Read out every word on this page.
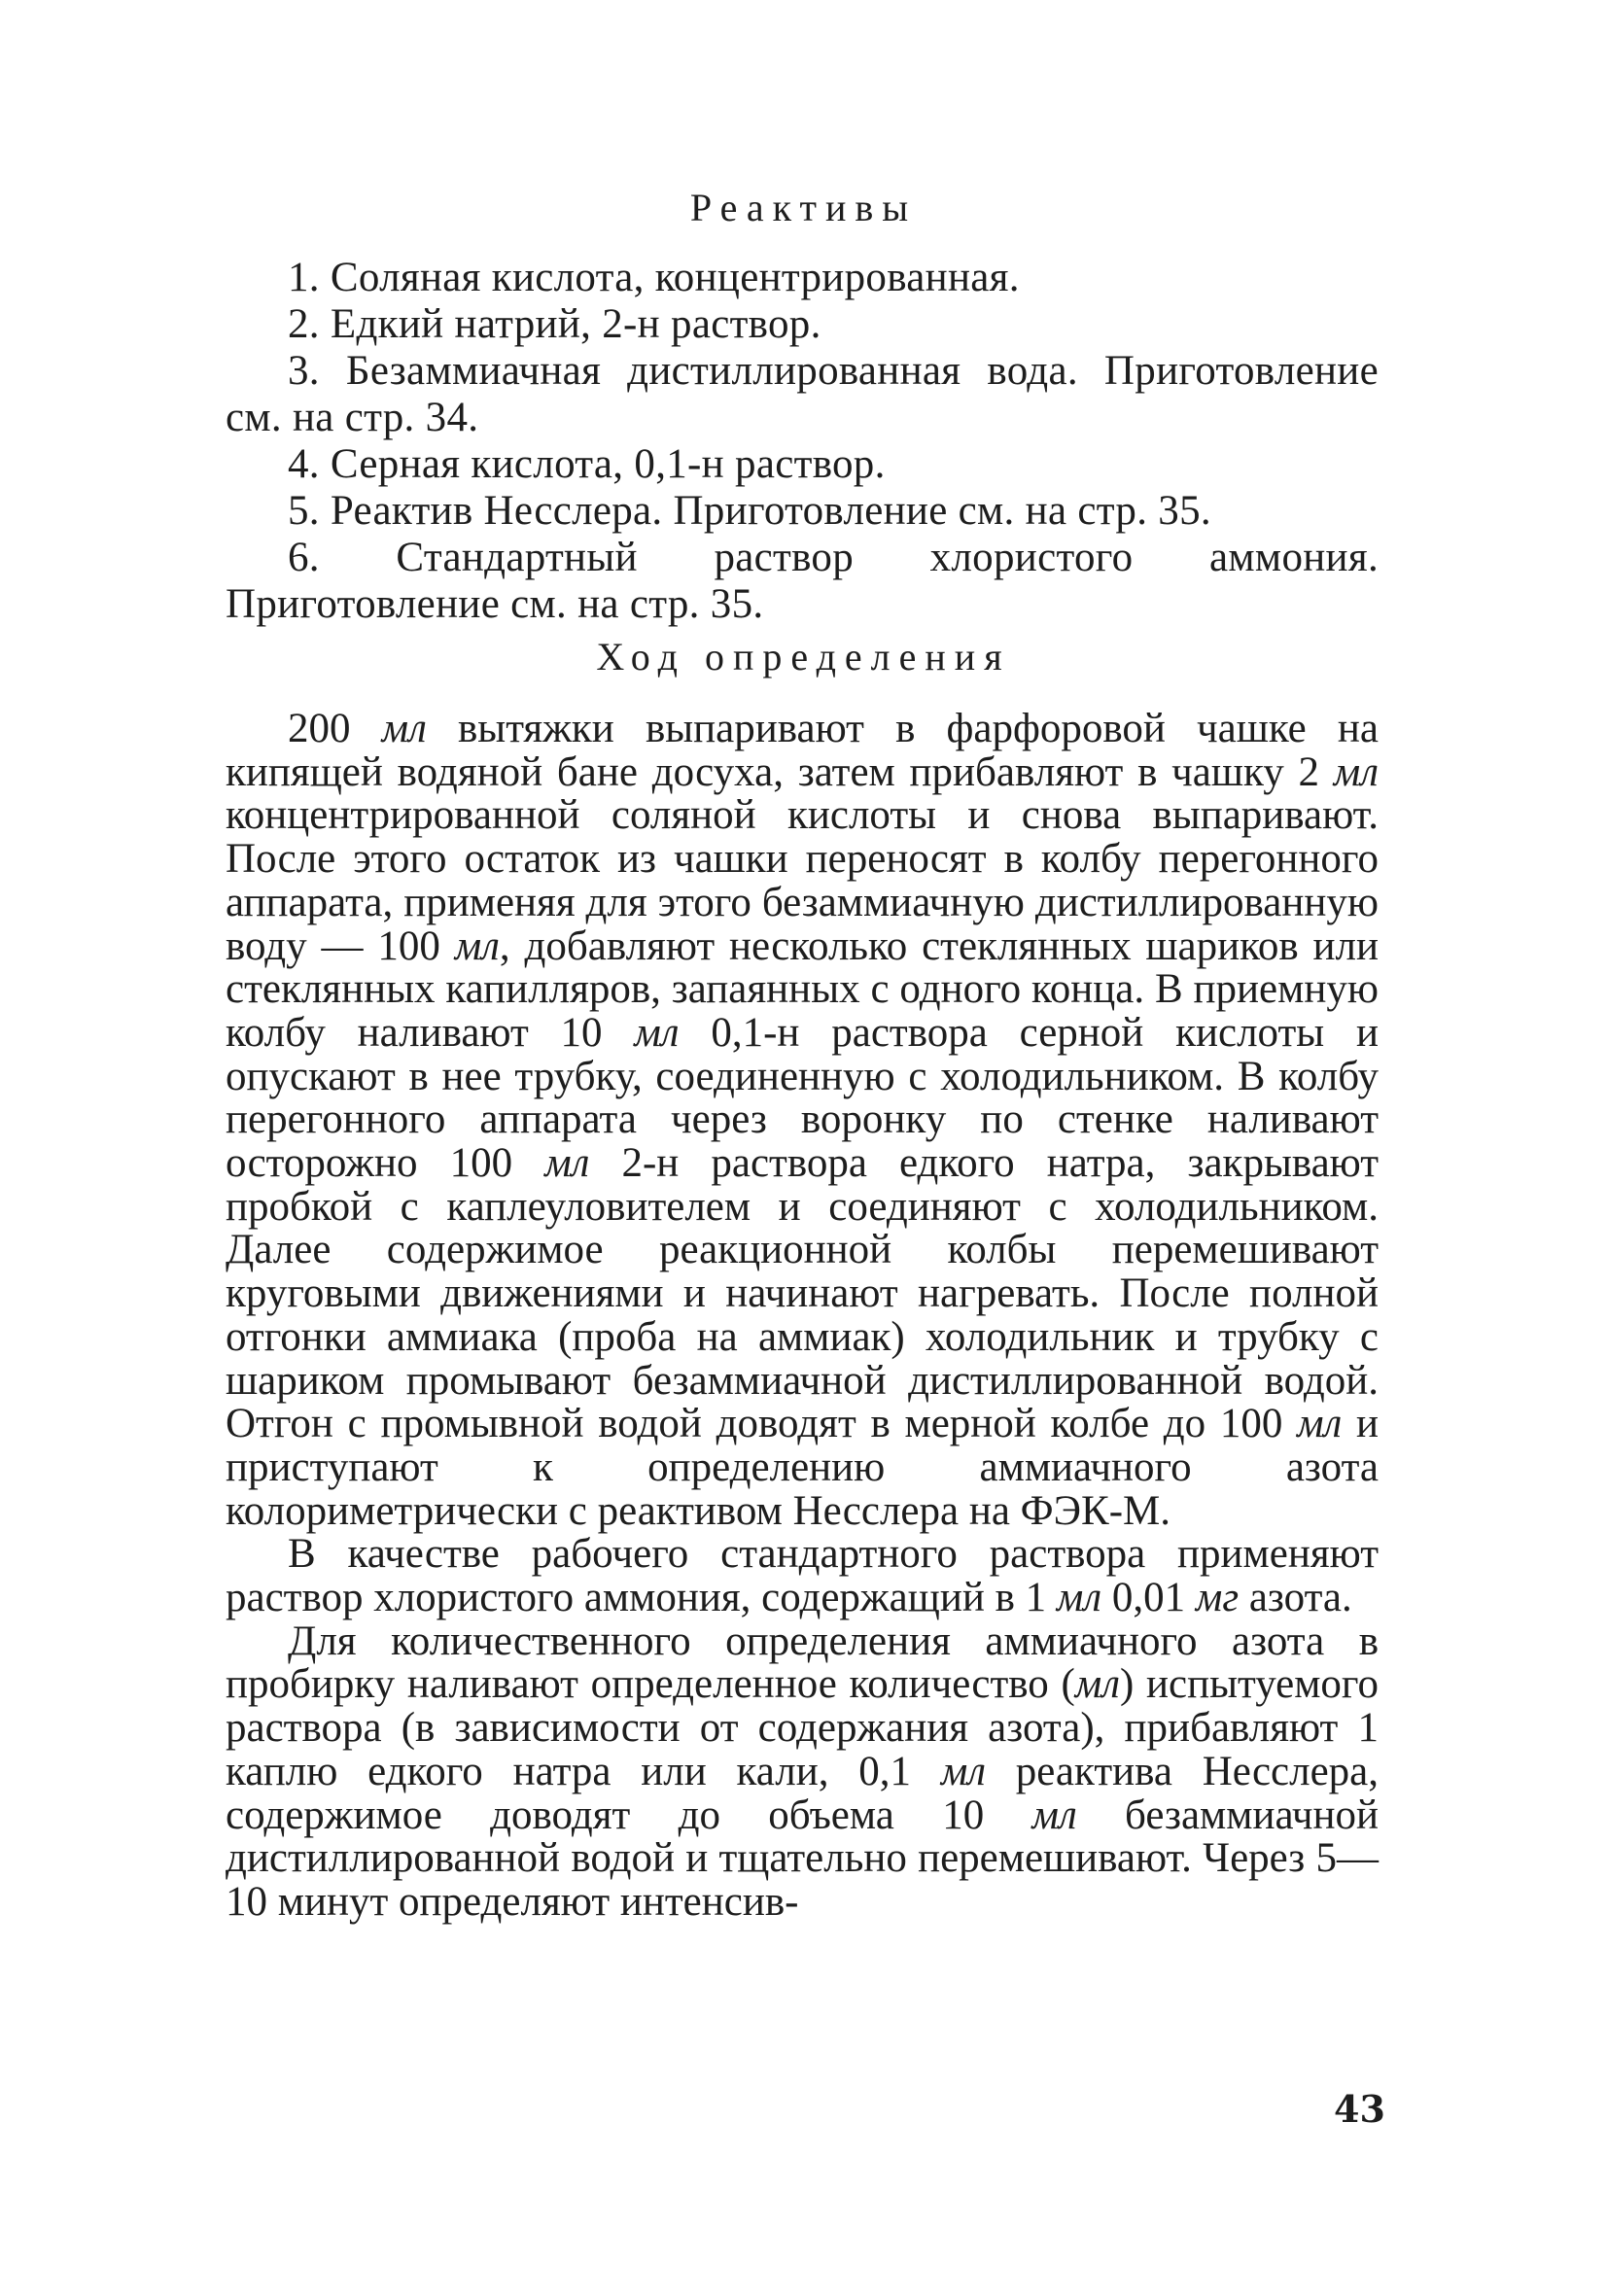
Реактивы
1. Соляная кислота, концентрированная.
2. Едкий натрий, 2-н раствор.
3. Безаммиачная дистиллированная вода. Приготовление см. на стр. 34.
4. Серная кислота, 0,1-н раствор.
5. Реактив Несслера. Приготовление см. на стр. 35.
6. Стандартный раствор хлористого аммония. Приготовление см. на стр. 35.
Ход определения

200 мл вытяжки выпаривают в фарфоровой чашке на кипящей водяной бане досуха, затем прибавляют в чашку 2 мл концентрированной соляной кислоты и снова выпаривают. После этого остаток из чашки переносят в колбу перегонного аппарата, применяя для этого безаммиачную дистиллированную воду — 100 мл, добавляют несколько стеклянных шариков или стеклянных капилляров, запаянных с одного конца. В приемную колбу наливают 10 мл 0,1-н раствора серной кислоты и опускают в нее трубку, соединенную с холодильником. В колбу перегонного аппарата через воронку по стенке наливают осторожно 100 мл 2-н раствора едкого натра, закрывают пробкой с каплеуловителем и соединяют с холодильником. Далее содержимое реакционной колбы перемешивают круговыми движениями и начинают нагревать. После полной отгонки аммиака (проба на аммиак) холодильник и трубку с шариком промывают безаммиачной дистиллированной водой. Отгон с промывной водой доводят в мерной колбе до 100 мл и приступают к определению аммиачного азота колориметрически с реактивом Несслера на ФЭК-М.

В качестве рабочего стандартного раствора применяют раствор хлористого аммония, содержащий в 1 мл 0,01 мг азота.

Для количественного определения аммиачного азота в пробирку наливают определенное количество (мл) испытуемого раствора (в зависимости от содержания азота), прибавляют 1 каплю едкого натра или кали, 0,1 мл реактива Несслера, содержимое доводят до объема 10 мл безаммиачной дистиллированной водой и тщательно перемешивают. Через 5—10 минут определяют интенсив-

43
